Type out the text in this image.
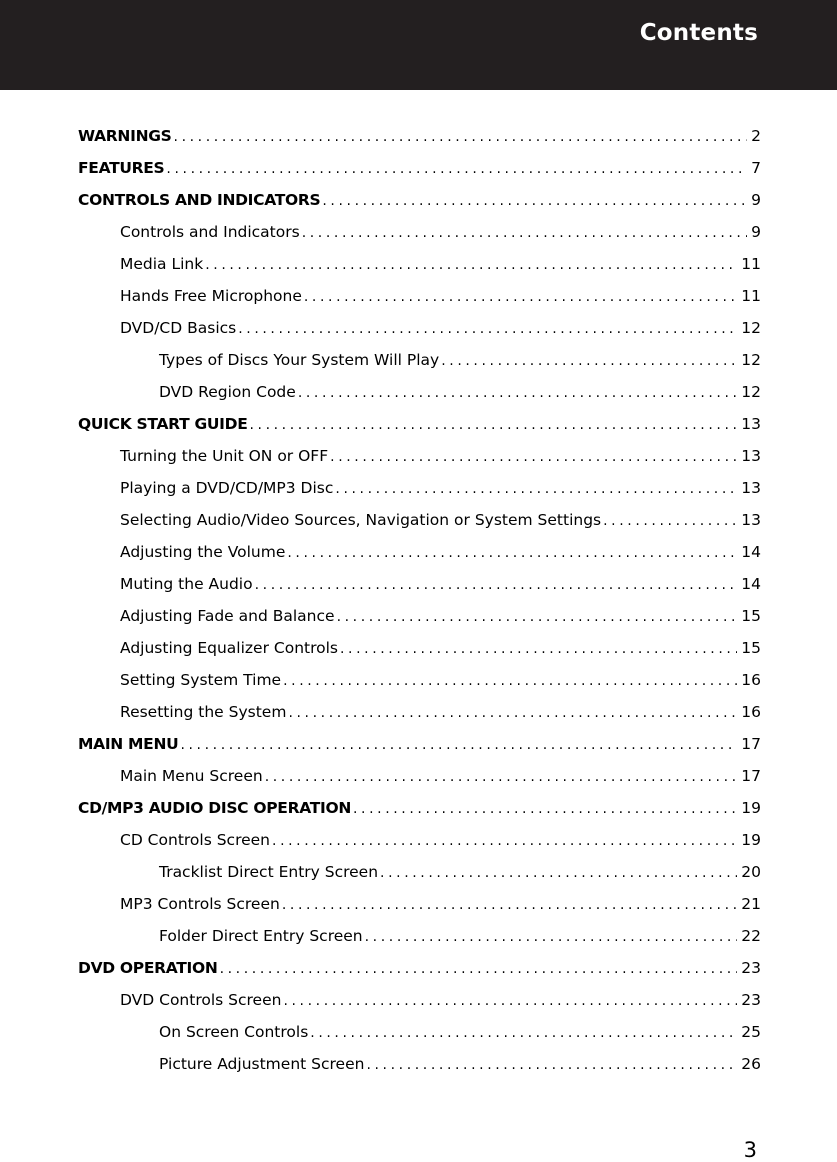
Contents
WARNINGS .....	2
FEATURES .....	7
CONTROLS AND INDICATORS .....	9
Controls and Indicators .....	9
Media Link .....	11
Hands Free Microphone .....	11
DVD/CD Basics .....	12
Types of Discs Your System Will Play .....	12
DVD Region Code .....	12
QUICK START GUIDE .....	13
Turning the Unit ON or OFF .....	13
Playing a DVD/CD/MP3 Disc .....	13
Selecting Audio/Video Sources, Navigation or System Settings .....	13
Adjusting the Volume .....	14
Muting the Audio .....	14
Adjusting Fade and Balance .....	15
Adjusting Equalizer Controls .....	15
Setting System Time .....	16
Resetting the System .....	16
MAIN MENU .....	17
Main Menu Screen .....	17
CD/MP3 AUDIO DISC OPERATION .....	19
CD Controls Screen .....	19
Tracklist Direct Entry Screen .....	20
MP3 Controls Screen .....	21
Folder Direct Entry Screen .....	22
DVD OPERATION .....	23
DVD Controls Screen .....	23
On Screen Controls .....	25
Picture Adjustment Screen .....	26
3
